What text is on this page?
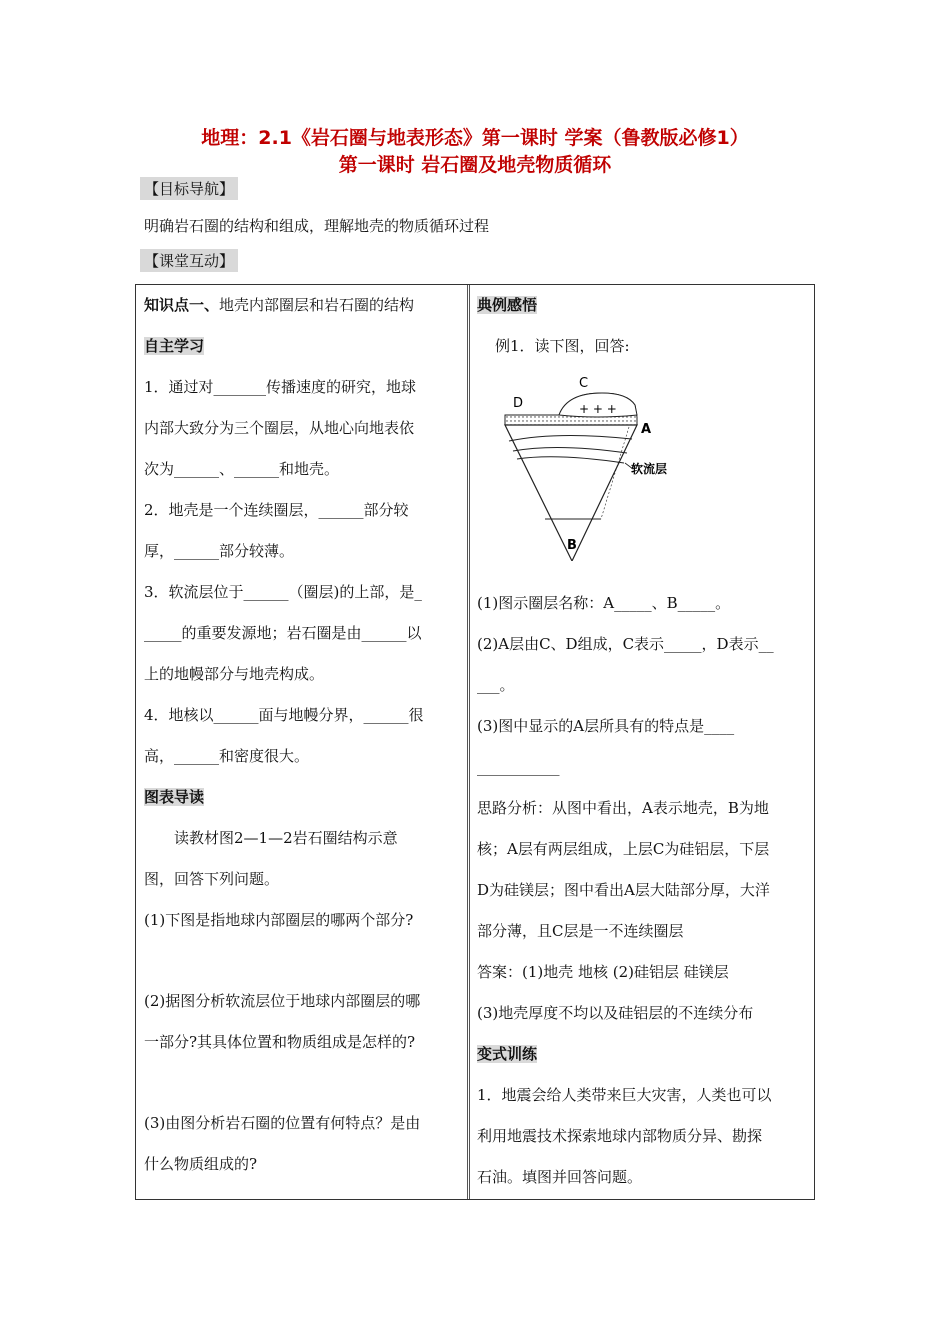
地理：2.1《岩石圈与地表形态》第一课时 学案（鲁教版必修1）
第一课时 岩石圈及地壳物质循环
【目标导航】
明确岩石圈的结构和组成，理解地壳的物质循环过程
【课堂互动】

知识点一、地壳内部圈层和岩石圈的结构

自主学习

1．通过对_______传播速度的研究，地球

内部大致分为三个圈层，从地心向地表依

次为______、______和地壳。

2．地壳是一个连续圈层，______部分较

厚，______部分较薄。

3．软流层位于______（圈层)的上部，是_

_____的重要发源地；岩石圈是由______以

上的地幔部分与地壳构成。

4．地核以______面与地幔分界，______很

高，______和密度很大。

图表导读

读教材图2—1—2岩石圈结构示意

图，回答下列问题。

(1)下图是指地球内部圈层的哪两个部分?

(2)据图分析软流层位于地球内部圈层的哪

一部分?其具体位置和物质组成是怎样的?

(3)由图分析岩石圈的位置有何特点？是由

什么物质组成的?

典例感悟

例1．读下图，回答:

+ + +
C
D
A
B
软流层

(1)图示圈层名称：A_____、B_____。

(2)A层由C、D组成，C表示_____，D表示__

___。

(3)图中显示的A层所具有的特点是____

___________

思路分析：从图中看出，A表示地壳，B为地

核；A层有两层组成，上层C为硅铝层，下层

D为硅镁层；图中看出A层大陆部分厚，大洋

部分薄，且C层是一不连续圈层

答案：(1)地壳 地核 (2)硅铝层 硅镁层

(3)地壳厚度不均以及硅铝层的不连续分布

变式训练

1．地震会给人类带来巨大灾害，人类也可以

利用地震技术探索地球内部物质分异、勘探

石油。填图并回答问题。
